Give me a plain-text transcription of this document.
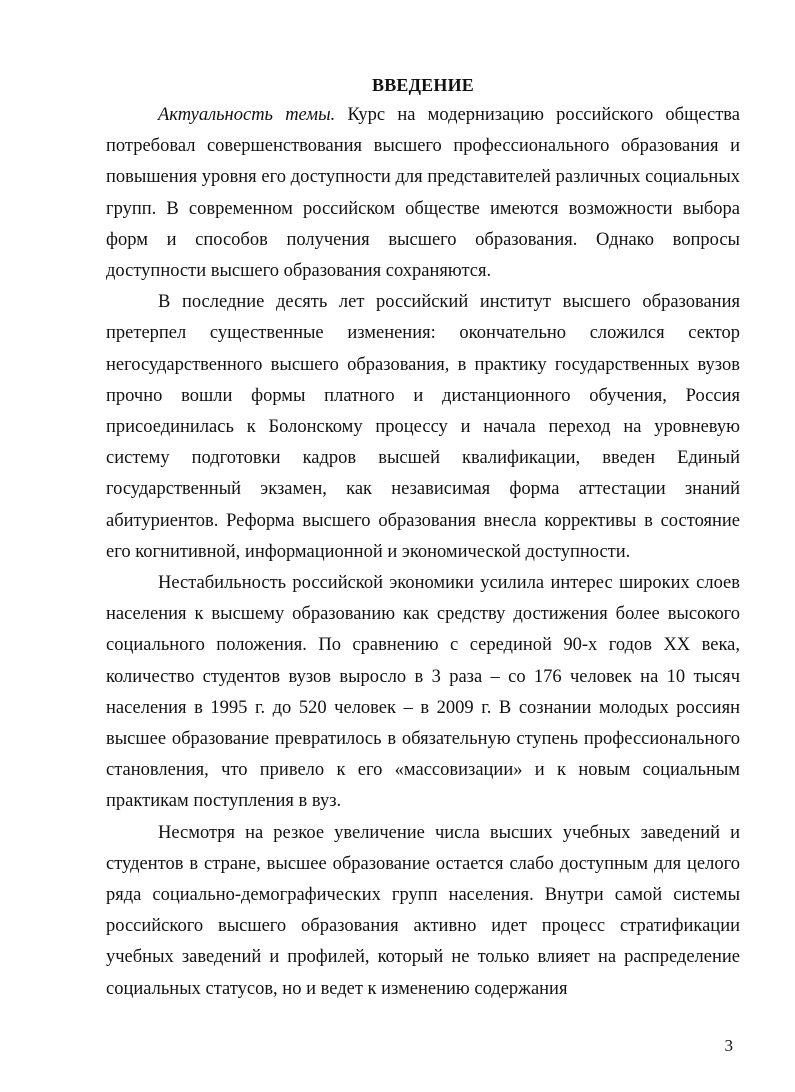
ВВЕДЕНИЕ

Актуальность темы. Курс на модернизацию российского общества потребовал совершенствования высшего профессионального образования и повышения уровня его доступности для представителей различных социальных групп. В современном российском обществе имеются возможности выбора форм и способов получения высшего образования. Однако вопросы доступности высшего образования сохраняются.

В последние десять лет российский институт высшего образования претерпел существенные изменения: окончательно сложился сектор негосударственного высшего образования, в практику государственных вузов прочно вошли формы платного и дистанционного обучения, Россия присоединилась к Болонскому процессу и начала переход на уровневую систему подготовки кадров высшей квалификации, введен Единый государственный экзамен, как независимая форма аттестации знаний абитуриентов. Реформа высшего образования внесла коррективы в состояние его когнитивной, информационной и экономической доступности.

Нестабильность российской экономики усилила интерес широких слоев населения к высшему образованию как средству достижения более высокого социального положения. По сравнению с серединой 90-х годов XX века, количество студентов вузов выросло в 3 раза – со 176 человек на 10 тысяч населения в 1995 г. до 520 человек – в 2009 г. В сознании молодых россиян высшее образование превратилось в обязательную ступень профессионального становления, что привело к его «массовизации» и к новым социальным практикам поступления в вуз.

Несмотря на резкое увеличение числа высших учебных заведений и студентов в стране, высшее образование остается слабо доступным для целого ряда социально-демографических групп населения. Внутри самой системы российского высшего образования активно идет процесс стратификации учебных заведений и профилей, который не только влияет на распределение социальных статусов, но и ведет к изменению содержания

3
